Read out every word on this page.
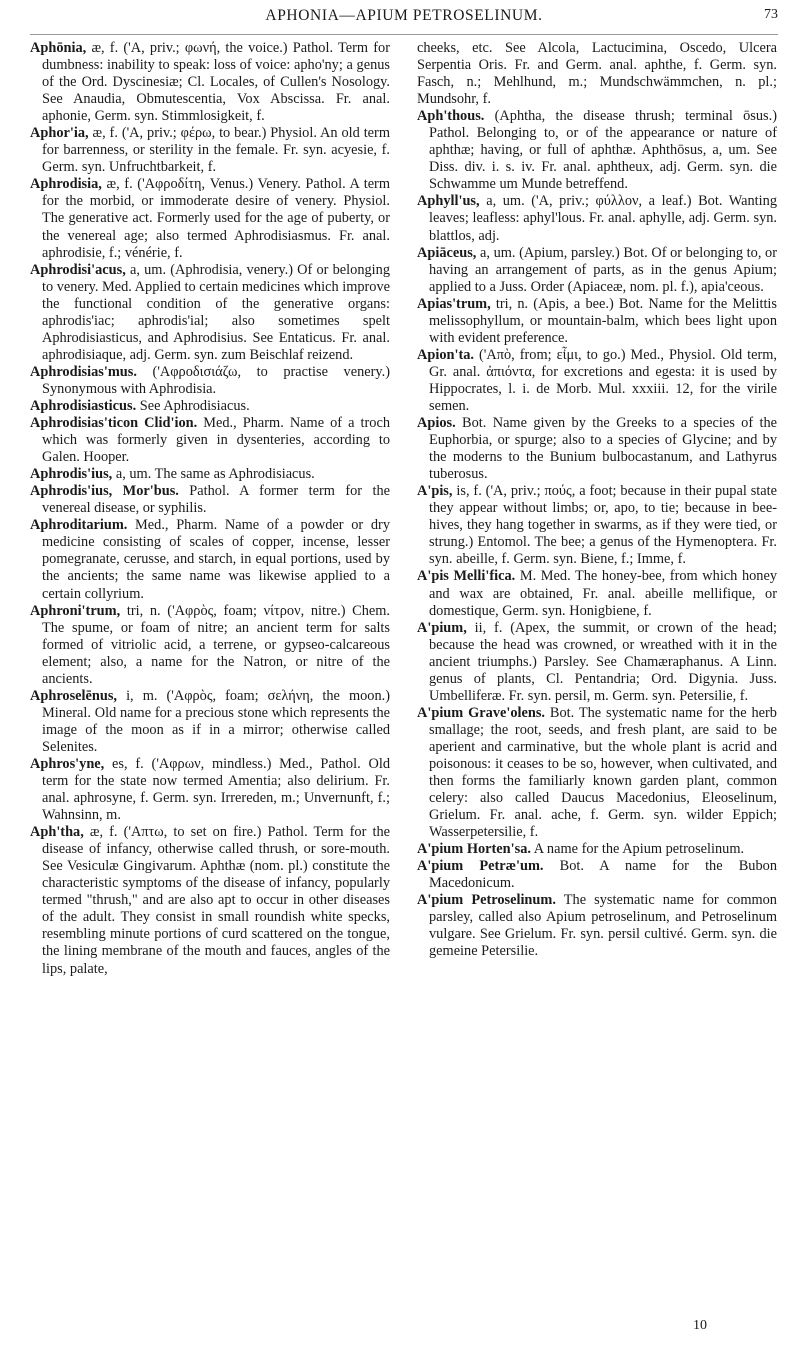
APHONIA—APIUM PETROSELINUM.	73

Aphōnia, æ, f. ('A, priv.; φωνή, the voice.) Pathol. Term for dumbness: inability to speak: loss of voice: apho'ny; a genus of the Ord. Dyscinesiæ; Cl. Locales, of Cullen's Nosology. See Anaudia, Obmutescentia, Vox Abscissa. Fr. anal. aphonie, Germ. syn. Stimmlosigkeit, f.

Aphor'ia, æ, f. ('A, priv.; φέρω, to bear.) Physiol. An old term for barrenness, or sterility in the female. Fr. syn. acyesie, f. Germ. syn. Unfruchtbarkeit, f.

Aphrodisia, æ, f. ('Αφροδίτη, Venus.) Venery. Pathol. A term for the morbid, or immoderate desire of venery. Physiol. The generative act. Formerly used for the age of puberty, or the venereal age; also termed Aphrodisiasmus. Fr. anal. aphrodisie, f.; vénérie, f.

Aphrodisi'acus, a, um. (Aphrodisia, venery.) Of or belonging to venery. Med. Applied to certain medicines which improve the functional condition of the generative organs: aphrodis'iac; aphrodis'ial; also sometimes spelt Aphrodisiasticus, and Aphrodisius. See Entaticus. Fr. anal. aphrodisiaque, adj. Germ. syn. zum Beischlaf reizend.

Aphrodisias'mus. ('Αφροδισιάζω, to practise venery.) Synonymous with Aphrodisia.

Aphrodisiasticus. See Aphrodisiacus.

Aphrodisias'ticon Clid'ion. Med., Pharm. Name of a troch which was formerly given in dysenteries, according to Galen. Hooper.

Aphrodis'ius, a, um. The same as Aphrodisiacus.

Aphrodis'ius, Mor'bus. Pathol. A former term for the venereal disease, or syphilis.

Aphroditarium. Med., Pharm. Name of a powder or dry medicine consisting of scales of copper, incense, lesser pomegranate, cerusse, and starch, in equal portions, used by the ancients; the same name was likewise applied to a certain collyrium.

Aphroni'trum, tri, n. ('Αφρὸς, foam; νίτρον, nitre.) Chem. The spume, or foam of nitre; an ancient term for salts formed of vitriolic acid, a terrene, or gypseo-calcareous element; also, a name for the Natron, or nitre of the ancients.

Aphroselēnus, i, m. ('Αφρὸς, foam; σελήνη, the moon.) Mineral. Old name for a precious stone which represents the image of the moon as if in a mirror; otherwise called Selenites.

Aphros'yne, es, f. ('Αφρων, mindless.) Med., Pathol. Old term for the state now termed Amentia; also delirium. Fr. anal. aphrosyne, f. Germ. syn. Irrereden, m.; Unvernunft, f.; Wahnsinn, m.

Aph'tha, æ, f. ('Απτω, to set on fire.) Pathol. Term for the disease of infancy, otherwise called thrush, or sore-mouth. See Vesiculæ Gingivarum. Aphthæ (nom. pl.) constitute the characteristic symptoms of the disease of infancy, popularly termed "thrush," and are also apt to occur in other diseases of the adult. They consist in small roundish white specks, resembling minute portions of curd scattered on the tongue, the lining membrane of the mouth and fauces, angles of the lips, palate,

cheeks, etc. See Alcola, Lactucimina, Oscedo, Ulcera Serpentia Oris. Fr. and Germ. anal. aphthe, f. Germ. syn. Fasch, n.; Mehlhund, m.; Mundschwämmchen, n. pl.; Mundsohr, f.

Aph'thous. (Aphtha, the disease thrush; terminal ōsus.) Pathol. Belonging to, or of the appearance or nature of aphthæ; having, or full of aphthæ. Aphthōsus, a, um. See Diss. div. i. s. iv. Fr. anal. aphtheux, adj. Germ. syn. die Schwamme um Munde betreffend.

Aphyll'us, a, um. ('A, priv.; φύλλον, a leaf.) Bot. Wanting leaves; leafless: aphyl'lous. Fr. anal. aphylle, adj. Germ. syn. blattlos, adj.

Apiāceus, a, um. (Apium, parsley.) Bot. Of or belonging to, or having an arrangement of parts, as in the genus Apium; applied to a Juss. Order (Apiaceæ, nom. pl. f.), apia'ceous.

Apias'trum, tri, n. (Apis, a bee.) Bot. Name for the Melittis melissophyllum, or mountain-balm, which bees light upon with evident preference.

Apion'ta. ('Απὸ, from; εἶμι, to go.) Med., Physiol. Old term, Gr. anal. ἀπιόντα, for excretions and egesta: it is used by Hippocrates, l. i. de Morb. Mul. xxxiii. 12, for the virile semen.

Apios. Bot. Name given by the Greeks to a species of the Euphorbia, or spurge; also to a species of Glycine; and by the moderns to the Bunium bulbocastanum, and Lathyrus tuberosus.

A'pis, is, f. ('A, priv.; πούς, a foot; because in their pupal state they appear without limbs; or, apo, to tie; because in bee-hives, they hang together in swarms, as if they were tied, or strung.) Entomol. The bee; a genus of the Hymenoptera. Fr. syn. abeille, f. Germ. syn. Biene, f.; Imme, f.

A'pis Melli'fica. M. Med. The honey-bee, from which honey and wax are obtained, Fr. anal. abeille mellifique, or domestique, Germ. syn. Honigbiene, f.

A'pium, ii, f. (Apex, the summit, or crown of the head; because the head was crowned, or wreathed with it in the ancient triumphs.) Parsley. See Chamæraphanus. A Linn. genus of plants, Cl. Pentandria; Ord. Digynia. Juss. Umbelliferæ. Fr. syn. persil, m. Germ. syn. Petersilie, f.

A'pium Grave'olens. Bot. The systematic name for the herb smallage; the root, seeds, and fresh plant, are said to be aperient and carminative, but the whole plant is acrid and poisonous: it ceases to be so, however, when cultivated, and then forms the familiarly known garden plant, common celery: also called Daucus Macedonius, Eleoselinum, Grielum. Fr. anal. ache, f. Germ. syn. wilder Eppich; Wasserpetersilie, f.

A'pium Horten'sa. A name for the Apium petroselinum.

A'pium Petræ'um. Bot. A name for the Bubon Macedonicum.

A'pium Petroselinum. The systematic name for common parsley, called also Apium petroselinum, and Petroselinum vulgare. See Grielum. Fr. syn. persil cultivé. Germ. syn. die gemeine Petersilie.

10
